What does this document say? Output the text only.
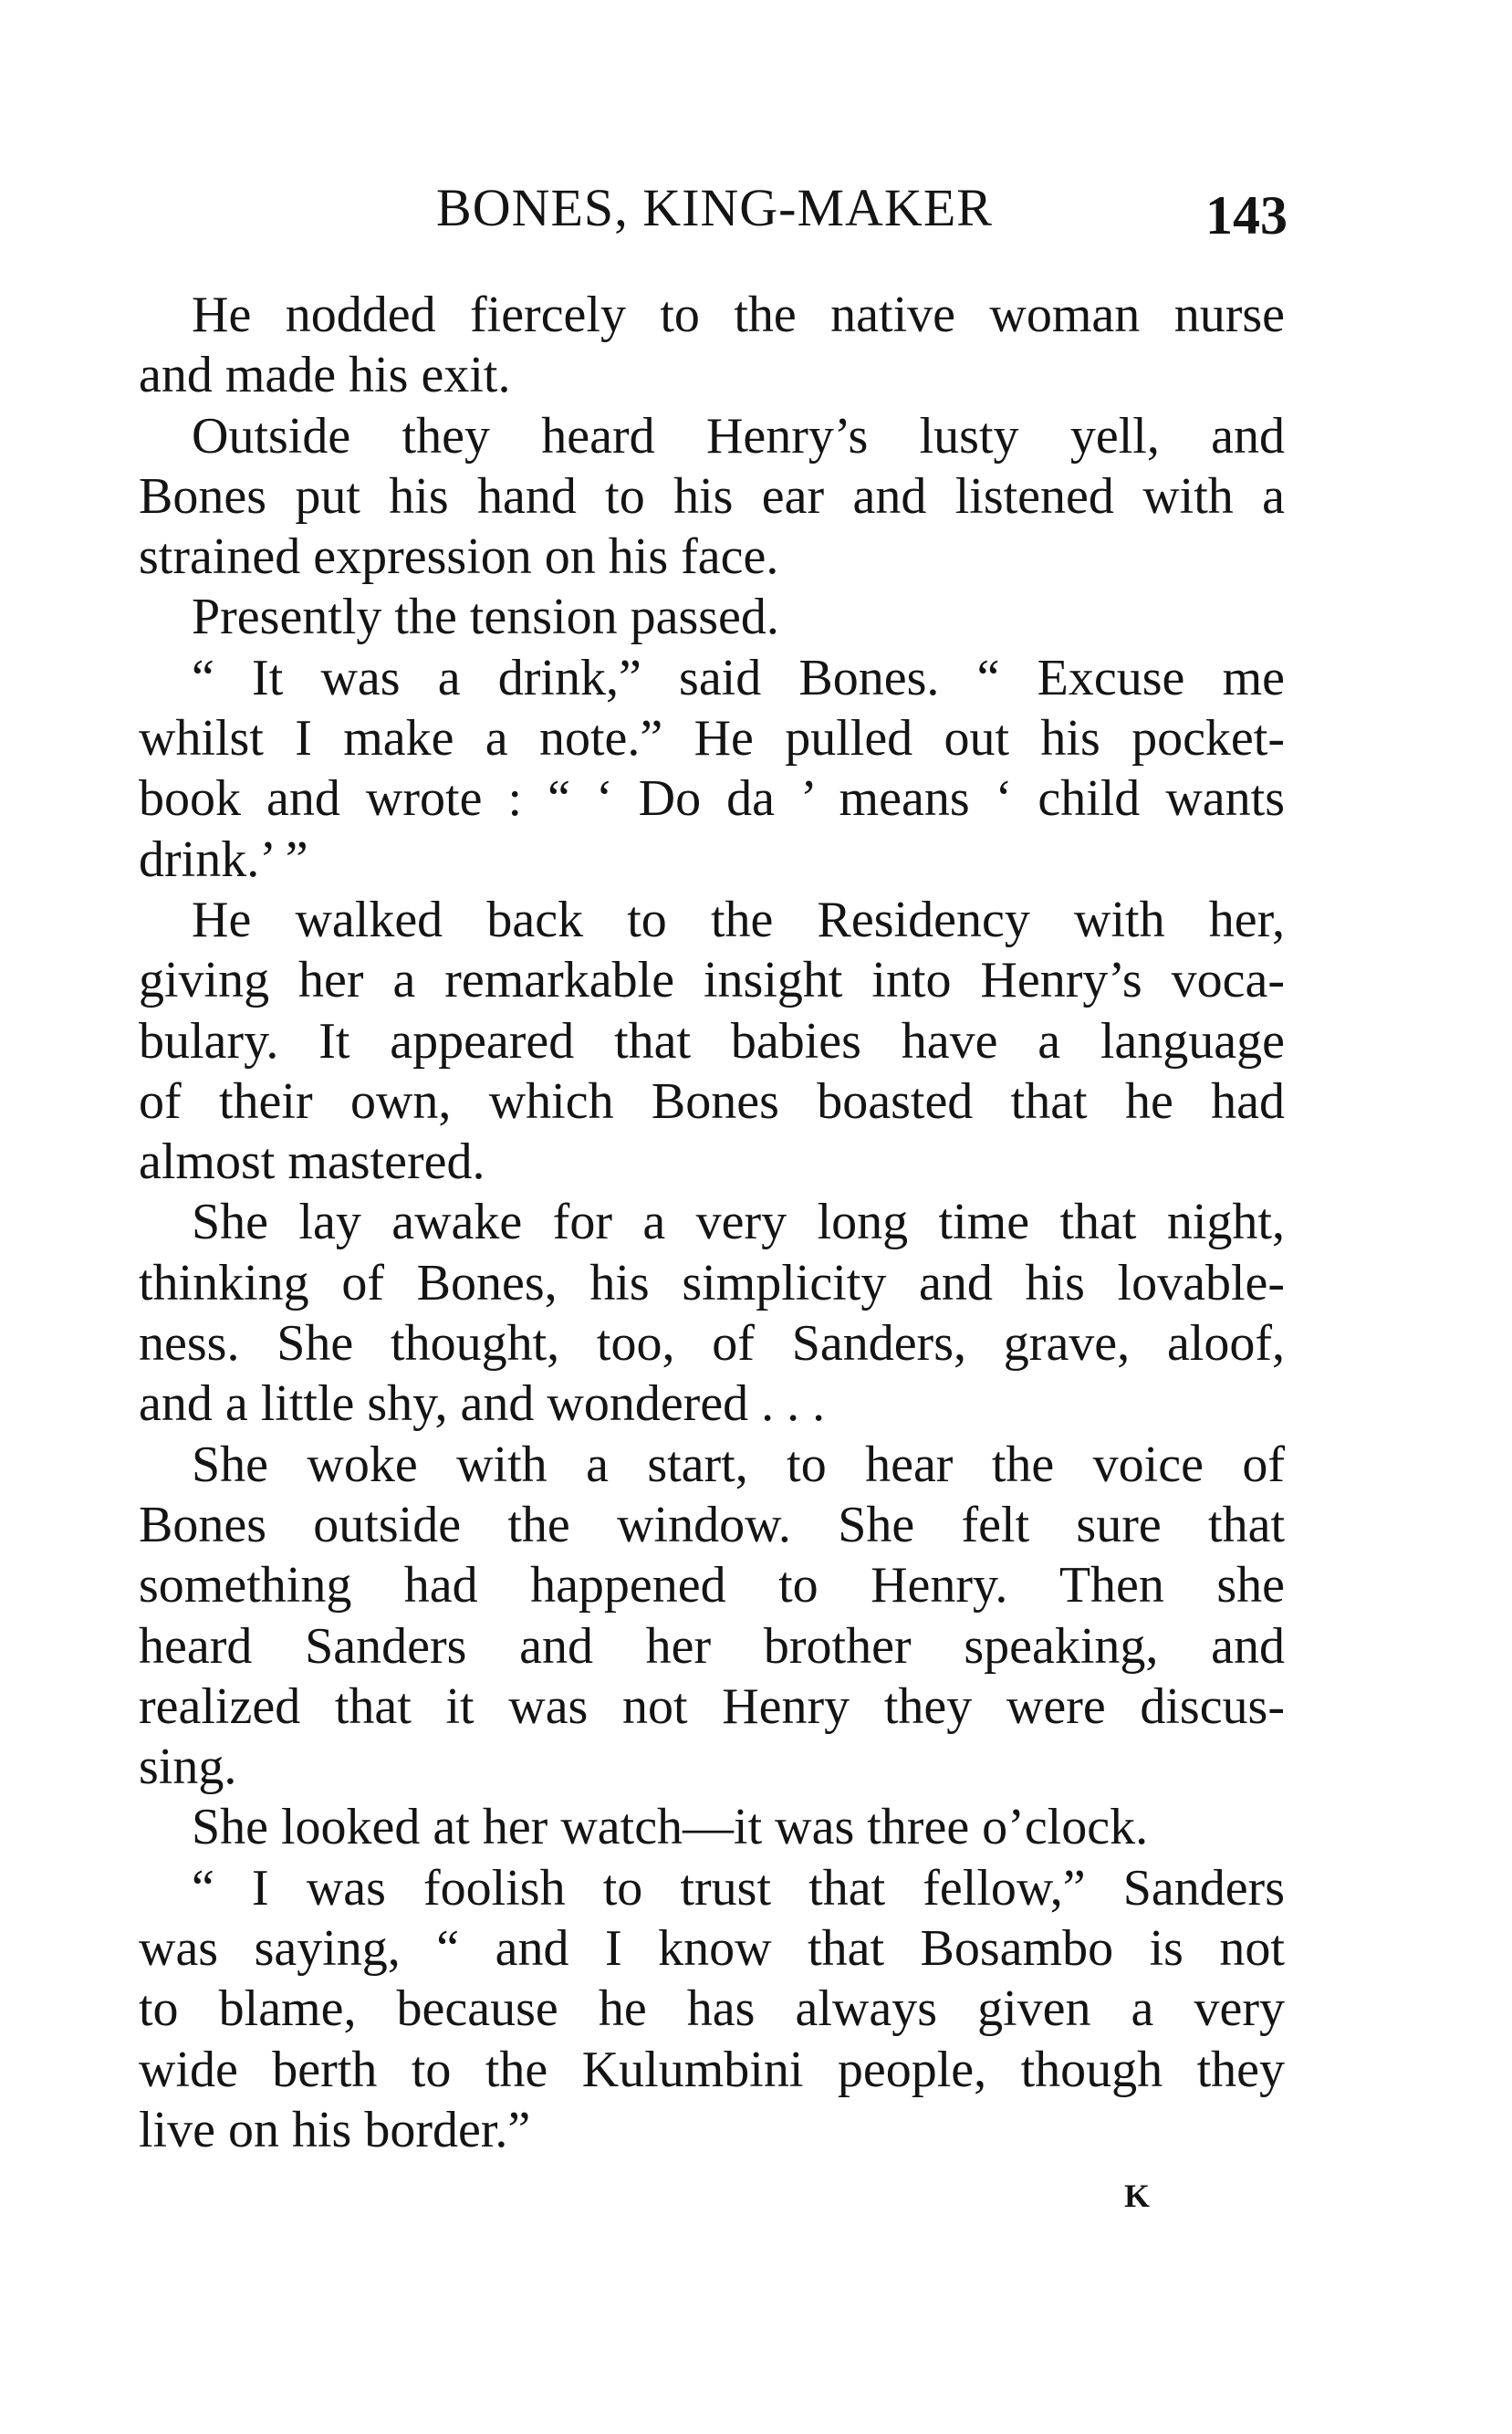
BONES, KING-MAKER	143
He nodded fiercely to the native woman nurse
and made his exit.
Outside they heard Henry’s lusty yell, and
Bones put his hand to his ear and listened with a
strained expression on his face.
Presently the tension passed.
“ It was a drink,” said Bones. “ Excuse me
whilst I make a note.” He pulled out his pocket-
book and wrote : “ ‘ Do da ’ means ‘ child wants
drink.’ ”
He walked back to the Residency with her,
giving her a remarkable insight into Henry’s voca-
bulary. It appeared that babies have a language
of their own, which Bones boasted that he had
almost mastered.
She lay awake for a very long time that night,
thinking of Bones, his simplicity and his lovable-
ness. She thought, too, of Sanders, grave, aloof,
and a little shy, and wondered . . .
She woke with a start, to hear the voice of
Bones outside the window. She felt sure that
something had happened to Henry. Then she
heard Sanders and her brother speaking, and
realized that it was not Henry they were discus-
sing.
She looked at her watch—it was three o’clock.
“ I was foolish to trust that fellow,” Sanders
was saying, “ and I know that Bosambo is not
to blame, because he has always given a very
wide berth to the Kulumbini people, though they
live on his border.”
K
